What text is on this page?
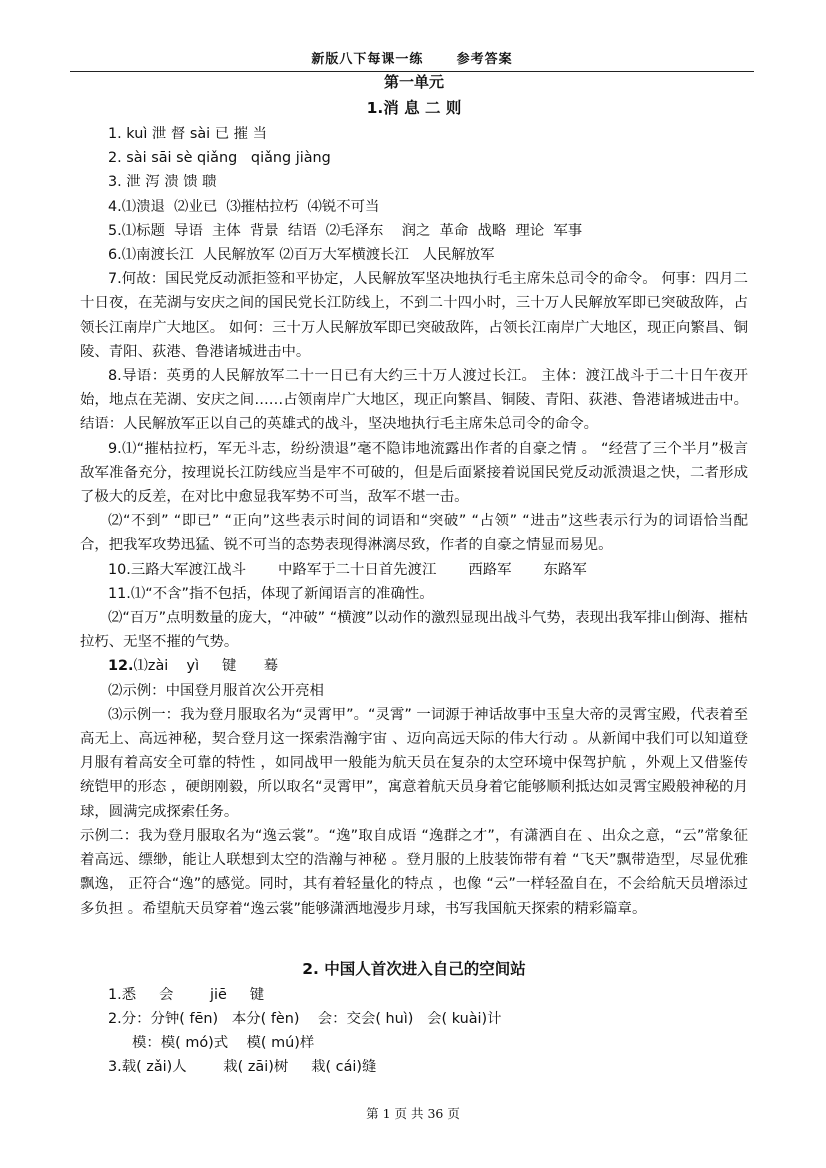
新版八下每课一练      参考答案
第一单元
1.消 息 二 则

1. kuì 泄 督 sài 已 摧 当

2. sài sāi sè qiǎng   qiǎng jiàng

3. 泄 泻 溃 馈 聩

4.⑴溃退  ⑵业已  ⑶摧枯拉朽  ⑷锐不可当

5.⑴标题  导语  主体  背景  结语  ⑵毛泽东    润之  革命  战略  理论  军事

6.⑴南渡长江  人民解放军 ⑵百万大军横渡长江   人民解放军

7.何故：国民党反动派拒签和平协定，人民解放军坚决地执行毛主席朱总司令的命令。 何事：四月二十日夜，在芜湖与安庆之间的国民党长江防线上，不到二十四小时，三十万人民解放军即已突破敌阵，占领长江南岸广大地区。 如何：三十万人民解放军即已突破敌阵，占领长江南岸广大地区，现正向繁昌、铜陵、青阳、荻港、鲁港诸城进击中。

8.导语：英勇的人民解放军二十一日已有大约三十万人渡过长江。 主体：渡江战斗于二十日午夜开始，地点在芜湖、安庆之间……占领南岸广大地区，现正向繁昌、铜陵、青阳、荻港、鲁港诸城进击中。结语：人民解放军正以自己的英雄式的战斗，坚决地执行毛主席朱总司令的命令。

9.⑴“摧枯拉朽，军无斗志，纷纷溃退”毫不隐讳地流露出作者的自豪之情 。 “经营了三个半月”极言敌军准备充分，按理说长江防线应当是牢不可破的，但是后面紧接着说国民党反动派溃退之快，二者形成了极大的反差，在对比中愈显我军势不可当，敌军不堪一击。

⑵“不到” “即已” “正向”这些表示时间的词语和“突破” “占领” “进击”这些表示行为的词语恰当配合，把我军攻势迅猛、锐不可当的态势表现得淋漓尽致，作者的自豪之情显而易见。

10.三路大军渡江战斗       中路军于二十日首先渡江       西路军       东路军

11.⑴“不含”指不包括，体现了新闻语言的准确性。

⑵“百万”点明数量的庞大，“冲破” “横渡”以动作的激烈显现出战斗气势，表现出我军排山倒海、摧枯拉朽、无坚不摧的气势。

12.⑴zài    yì     键      蓦

⑵示例：中国登月服首次公开亮相

⑶示例一：我为登月服取名为“灵霄甲”。“灵霄” 一词源于神话故事中玉皇大帝的灵霄宝殿，代表着至高无上、高远神秘，契合登月这一探索浩瀚宇宙 、迈向高远天际的伟大行动 。从新闻中我们可以知道登月服有着高安全可靠的特性 ，如同战甲一般能为航天员在复杂的太空环境中保驾护航 ，外观上又借鉴传统铠甲的形态 ，硬朗刚毅，所以取名“灵霄甲”，寓意着航天员身着它能够顺利抵达如灵霄宝殿般神秘的月球，圆满完成探索任务。

示例二：我为登月服取名为“逸云裳”。“逸”取自成语 “逸群之才”，有潇洒自在 、出众之意，“云”常象征着高远、缥缈，能让人联想到太空的浩瀚与神秘 。登月服的上肢装饰带有着 “飞天”飘带造型，尽显优雅飘逸， 正符合“逸”的感觉。同时，其有着轻量化的特点 ，也像 “云”一样轻盈自在，不会给航天员增添过多负担 。希望航天员穿着“逸云裳”能够潇洒地漫步月球，书写我国航天探索的精彩篇章。

2. 中国人首次进入自己的空间站

1.悉     会        jiē     键

2.分：分钟( fēn)   本分( fèn)    会：交会( huì)   会( kuài)计

模：模( mó)式    模( mú)样

3.载( zǎi)人        栽( zāi)树     栽( cái)缝

第 1 页 共 36 页
